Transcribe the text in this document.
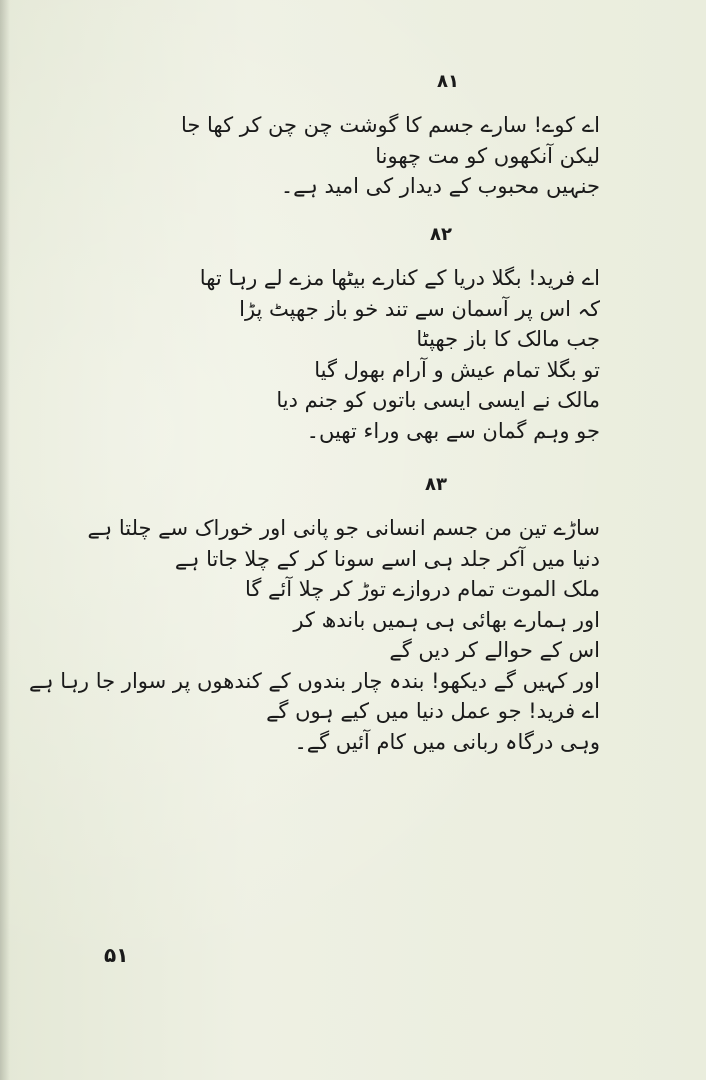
۸۱
اے کوے! سارے جسم کا گوشت چن چن کر کھا جا
لیکن آنکھوں کو مت چھونا
جنہیں محبوب کے دیدار کی امید ہے۔
۸۲
اے فرید! بگلا دریا کے کنارے بیٹھا مزے لے رہا تھا
کہ اس پر آسمان سے تند خو باز جھپٹ پڑا
جب مالک کا باز جھپٹا
تو بگلا تمام عیش و آرام بھول گیا
مالک نے ایسی ایسی باتوں کو جنم دیا
جو وہم گمان سے بھی وراء تھیں۔
۸۳
ساڑے تین من جسم انسانی جو پانی اور خوراک سے چلتا ہے
دنیا میں آکر جلد ہی اسے سونا کر کے چلا جاتا ہے
ملک الموت تمام دروازے توڑ کر چلا آئے گا
اور ہمارے بھائی ہی ہمیں باندھ کر
اس کے حوالے کر دیں گے
اور کہیں گے دیکھو! بندہ چار بندوں کے کندھوں پر سوار جا رہا ہے
اے فرید! جو عمل دنیا میں کیے ہوں گے
وہی درگاہ ربانی میں کام آئیں گے۔
۵۱
